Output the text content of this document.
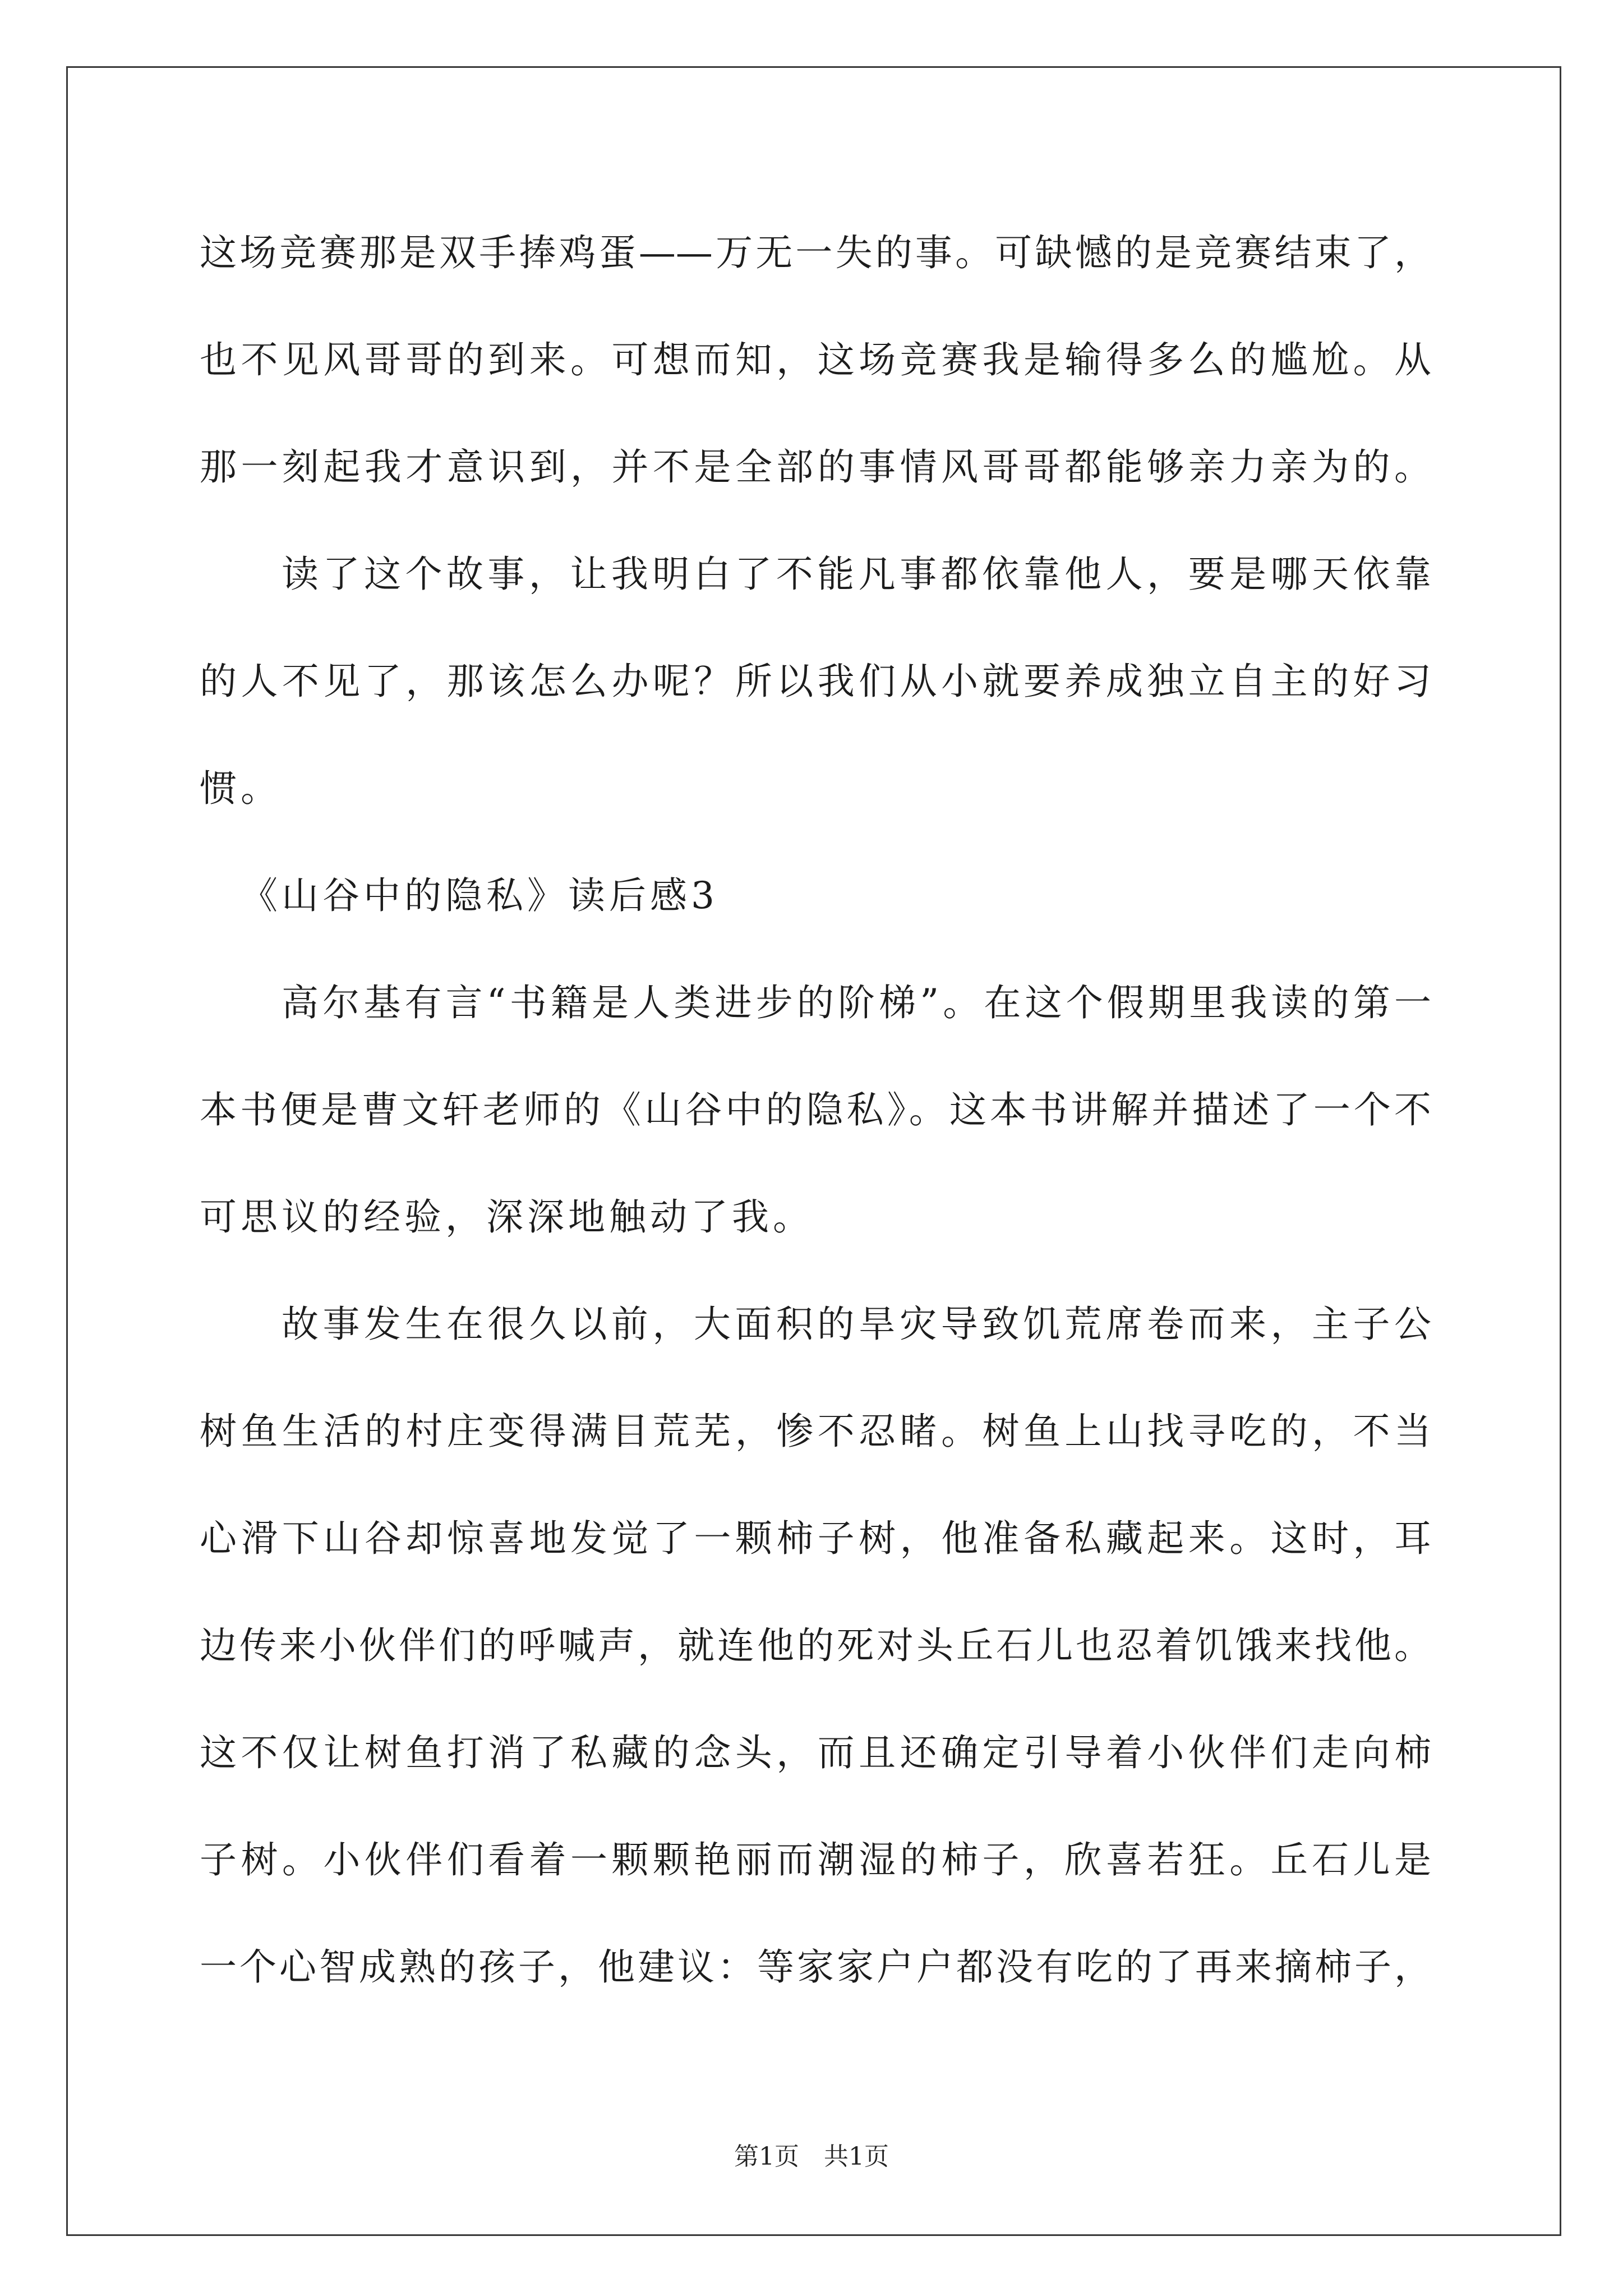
这场竞赛那是双手捧鸡蛋——万无一失的事。可缺憾的是竞赛结束了，
也不见风哥哥的到来。可想而知，这场竞赛我是输得多么的尴尬。从
那一刻起我才意识到，并不是全部的事情风哥哥都能够亲力亲为的。
读了这个故事，让我明白了不能凡事都依靠他人，要是哪天依靠
的人不见了，那该怎么办呢？所以我们从小就要养成独立自主的好习
惯。
《山谷中的隐私》读后感3
高尔基有言“书籍是人类进步的阶梯”。在这个假期里我读的第一
本书便是曹文轩老师的《山谷中的隐私》。这本书讲解并描述了一个不
可思议的经验，深深地触动了我。
故事发生在很久以前，大面积的旱灾导致饥荒席卷而来，主子公
树鱼生活的村庄变得满目荒芜，惨不忍睹。树鱼上山找寻吃的，不当
心滑下山谷却惊喜地发觉了一颗柿子树，他准备私藏起来。这时，耳
边传来小伙伴们的呼喊声，就连他的死对头丘石儿也忍着饥饿来找他。
这不仅让树鱼打消了私藏的念头，而且还确定引导着小伙伴们走向柿
子树。小伙伴们看着一颗颗艳丽而潮湿的柿子，欣喜若狂。丘石儿是
一个心智成熟的孩子，他建议：等家家户户都没有吃的了再来摘柿子，
第1页　共1页
